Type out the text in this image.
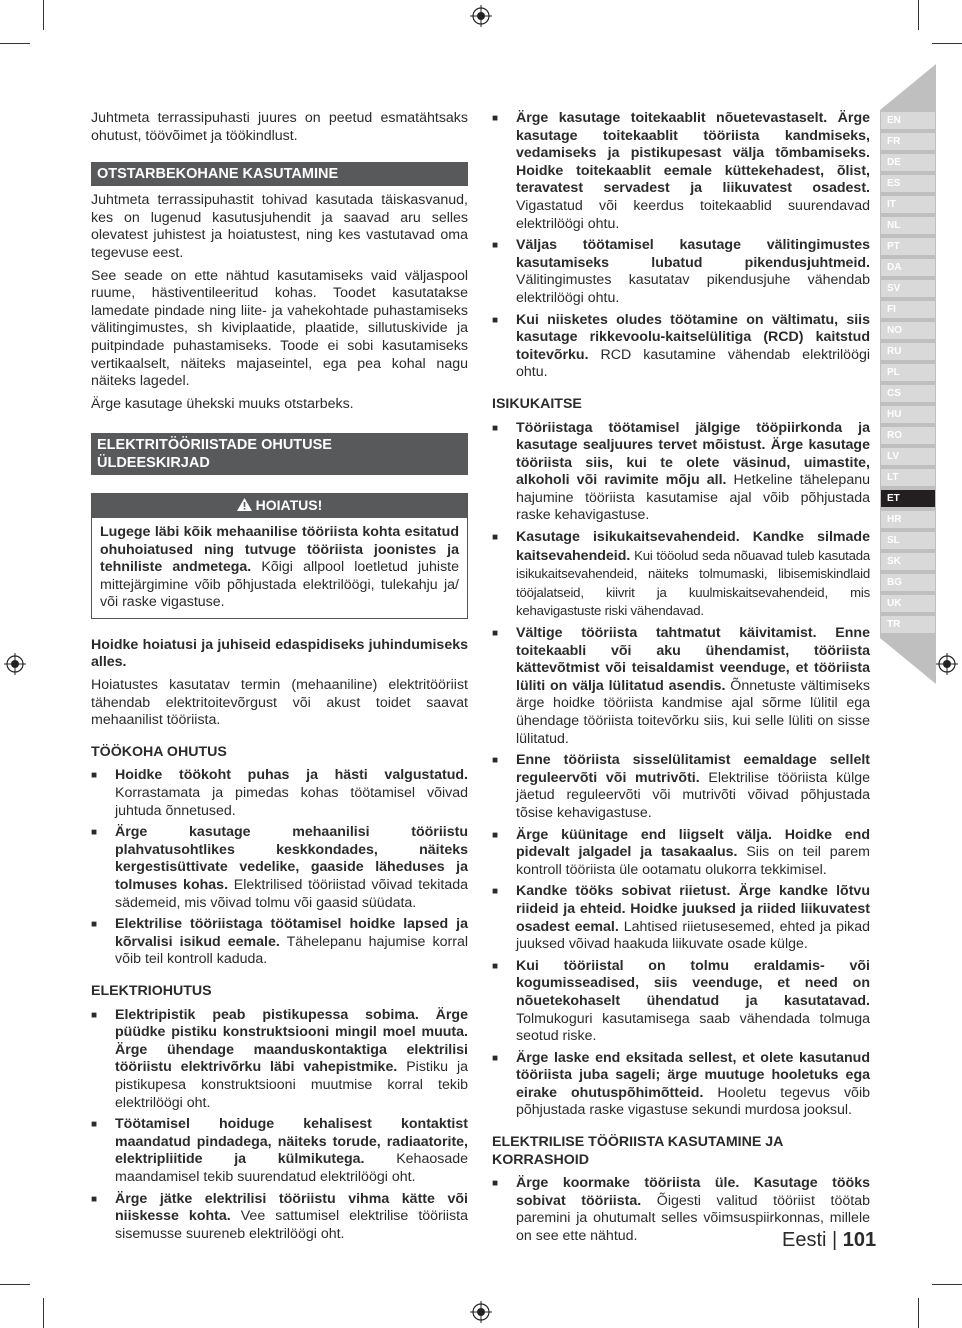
EN
FR
DE
ES
IT
NL
PT
DA
SV
FI
NO
RU
PL
CS
HU
RO
LV
LT
ET
HR
SL
SK
BG
UK
TR

Juhtmeta terrassipuhasti juures on peetud esmatähtsaks ohutust, töövõimet ja töökindlust.

OTSTARBEKOHANE KASUTAMINE

Juhtmeta terrassipuhastit tohivad kasutada täiskasvanud, kes on lugenud kasutusjuhendit ja saavad aru selles olevatest juhistest ja hoiatustest, ning kes vastutavad oma tegevuse eest.

See seade on ette nähtud kasutamiseks vaid väljaspool ruume, hästiventileeritud kohas. Toodet kasutatakse lamedate pindade ning liite- ja vahekohtade puhastamiseks välitingimustes, sh kiviplaatide, plaatide, sillutuskivide ja puitpindade puhastamiseks. Toode ei sobi kasutamiseks vertikaalselt, näiteks majaseintel, ega pea kohal nagu näiteks lagedel.

Ärge kasutage ühekski muuks otstarbeks.

ELEKTRITÖÖRIISTADE OHUTUSE
ÜLDEESKIRJAD
HOIATUS!
Lugege läbi kõik mehaanilise tööriista kohta esitatud ohuhoiatused ning tutvuge tööriista joonistes ja tehniliste andmetega. Kõigi allpool loetletud juhiste mittejärgimine võib põhjustada elektrilöögi, tulekahju ja/ või raske vigastuse.

Hoidke hoiatusi ja juhiseid edaspidiseks juhindumiseks alles.

Hoiatustes kasutatav termin (mehaaniline) elektritööriist tähendab elektritoitevõrgust või akust toidet saavat mehaanilist tööriista.

TÖÖKOHA OHUTUS
■ Hoidke töökoht puhas ja hästi valgustatud. Korrastamata ja pimedas kohas töötamisel võivad juhtuda õnnetused.
■ Ärge kasutage mehaanilisi tööriistu plahvatusohtlikes keskkondades, näiteks kergestisüttivate vedelike, gaaside läheduses ja tolmuses kohas. Elektrilised tööriistad võivad tekitada sädemeid, mis võivad tolmu või gaasid süüdata.
■ Elektrilise tööriistaga töötamisel hoidke lapsed ja kõrvalisi isikud eemale. Tähelepanu hajumise korral võib teil kontroll kaduda.
ELEKTRIOHUTUS
■ Elektripistik peab pistikupessa sobima. Ärge püüdke pistiku konstruktsiooni mingil moel muuta. Ärge ühendage maanduskontaktiga elektrilisi tööriistu elektrivõrku läbi vahepistmike. Pistiku ja pistikupesa konstruktsiooni muutmise korral tekib elektrilöögi oht.
■ Töötamisel hoiduge kehalisest kontaktist maandatud pindadega, näiteks torude, radiaatorite, elektripliitide ja külmikutega. Kehaosade maandamisel tekib suurendatud elektrilöögi oht.
■ Ärge jätke elektrilisi tööriistu vihma kätte või niiskesse kohta. Vee sattumisel elektrilise tööriista sisemusse suureneb elektrilöögi oht.
■ Ärge kasutage toitekaablit nõuetevastaselt. Ärge kasutage toitekaablit tööriista kandmiseks, vedamiseks ja pistikupesast välja tõmbamiseks. Hoidke toitekaablit eemale küttekehadest, õlist, teravatest servadest ja liikuvatest osadest. Vigastatud või keerdus toitekaablid suurendavad elektrilöögi ohtu.
■ Väljas töötamisel kasutage välitingimustes kasutamiseks lubatud pikendusjuhtmeid. Välitingimustes kasutatav pikendusjuhe vähendab elektrilöögi ohtu.
■ Kui niisketes oludes töötamine on vältimatu, siis kasutage rikkevoolu-kaitselülitiga (RCD) kaitstud toitevõrku. RCD kasutamine vähendab elektrilöögi ohtu.
ISIKUKAITSE
■ Tööriistaga töötamisel jälgige tööpiirkonda ja kasutage sealjuures tervet mõistust. Ärge kasutage tööriista siis, kui te olete väsinud, uimastite, alkoholi või ravimite mõju all. Hetkeline tähelepanu hajumine tööriista kasutamise ajal võib põhjustada raske kehavigastuse.
■ Kasutage isikukaitsevahendeid. Kandke silmade kaitsevahendeid. Kui tööolud seda nõuavad tuleb kasutada isikukaitsevahendeid, näiteks tolmumaski, libisemiskindlaid tööjalatseid, kiivrit ja kuulmiskaitsevahendeid, mis kehavigastuste riski vähendavad.
■ Vältige tööriista tahtmatut käivitamist. Enne toitekaabli või aku ühendamist, tööriista kättevõtmist või teisaldamist veenduge, et tööriista lüliti on välja lülitatud asendis. Õnnetuste vältimiseks ärge hoidke tööriista kandmise ajal sõrme lülitil ega ühendage tööriista toitevõrku siis, kui selle lüliti on sisse lülitatud.
■ Enne tööriista sisselülitamist eemaldage sellelt reguleervõti või mutrivõti. Elektrilise tööriista külge jäetud reguleervõti või mutrivõti võivad põhjustada tõsise kehavigastuse.
■ Ärge küünitage end liigselt välja. Hoidke end pidevalt jalgadel ja tasakaalus. Siis on teil parem kontroll tööriista üle ootamatu olukorra tekkimisel.
■ Kandke tööks sobivat riietust. Ärge kandke lõtvu riideid ja ehteid. Hoidke juuksed ja riided liikuvatest osadest eemal. Lahtised riietusesemed, ehted ja pikad juuksed võivad haakuda liikuvate osade külge.
■ Kui tööriistal on tolmu eraldamis- või kogumisseadised, siis veenduge, et need on nõuetekohaselt ühendatud ja kasutatavad. Tolmukoguri kasutamisega saab vähendada tolmuga seotud riske.
■ Ärge laske end eksitada sellest, et olete kasutanud tööriista juba sageli; ärge muutuge hooletuks ega eirake ohutuspõhimõtteid. Hooletu tegevus võib põhjustada raske vigastuse sekundi murdosa jooksul.
ELEKTRILISE TÖÖRIISTA KASUTAMINE JA KORRASHOID
■ Ärge koormake tööriista üle. Kasutage tööks sobivat tööriista. Õigesti valitud tööriist töötab paremini ja ohutumalt selles võimsuspiirkonnas, millele on see ette nähtud.	Eesti | 101
